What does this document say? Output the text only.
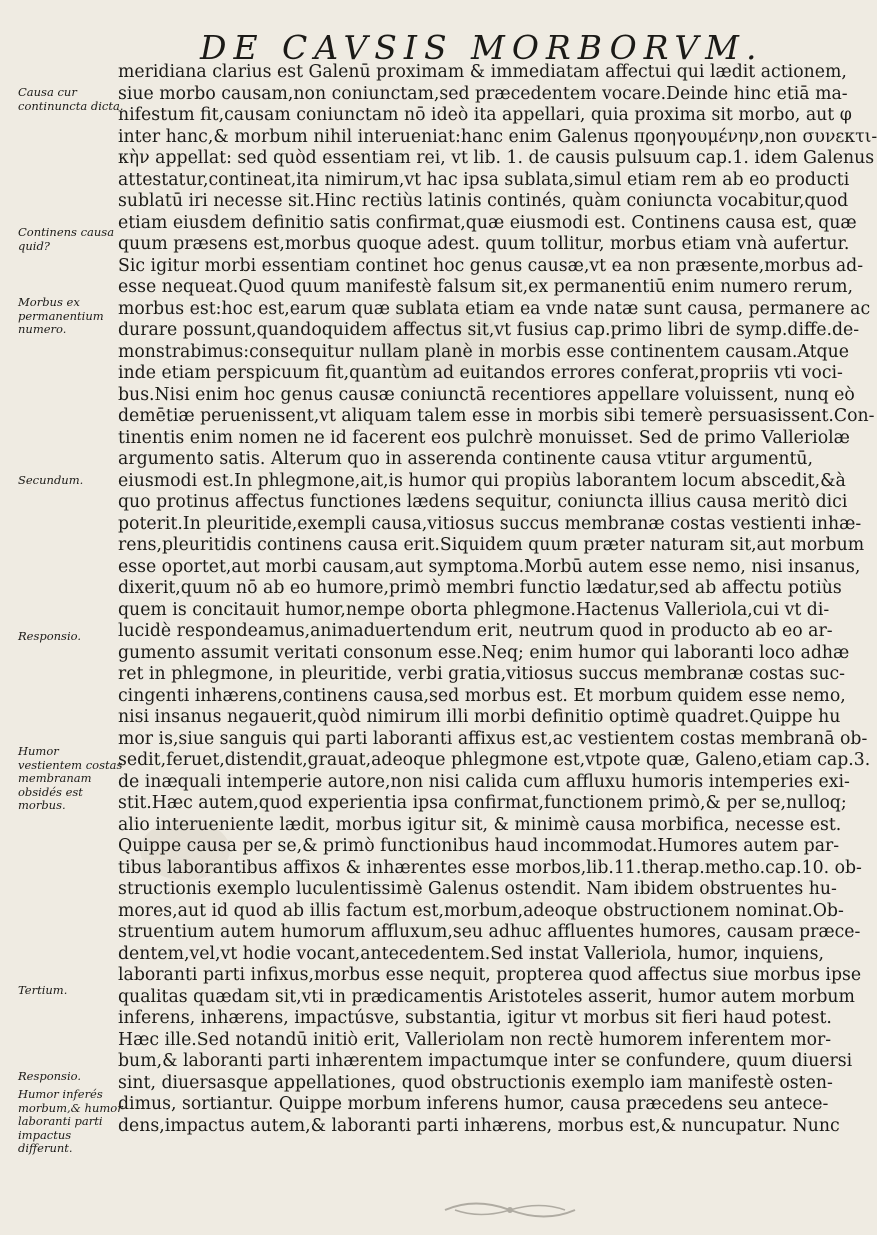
DE CAVSIS MORBORVM.
Causa cur continuncta dicta.
Continens causa quid?
Morbus ex permanentium numero.
Secundum.
Responsio.
Humor vestientem costas membranam obsidés est morbus.
Tertium.
Responsio.
Humor inferés morbum,& humor laboranti parti impactus differunt.
meridiana clarius est Galenū proximam & immediatam affectui qui lædit actionem,
siue morbo causam,non coniunctam,sed præcedentem vocare.Deinde hinc etiā ma-
nifestum fit,causam coniunctam nō ideò ita appellari, quia proxima sit morbo, aut φ
inter hanc,& morbum nihil interueniat:hanc enim Galenus πϱοηγουμένην,non συνεκτι-
κὴν appellat: sed quòd essentiam rei, vt lib. 1. de causis pulsuum cap.1. idem Galenus
attestatur,contineat,ita nimirum,vt hac ipsa sublata,simul etiam rem ab eo producti
sublatū iri necesse sit.Hinc rectiùs latinis continés, quàm coniuncta vocabitur,quod
etiam eiusdem definitio satis confirmat,quæ eiusmodi est. Continens causa est, quæ
quum præsens est,morbus quoque adest. quum tollitur, morbus etiam vnà aufertur.
Sic igitur morbi essentiam continet hoc genus causæ,vt ea non præsente,morbus ad-
esse nequeat.Quod quum manifestè falsum sit,ex permanentiū enim numero rerum,
morbus est:hoc est,earum quæ sublata etiam ea vnde natæ sunt causa, permanere ac
durare possunt,quandoquidem affectus sit,vt fusius cap.primo libri de symp.diffe.de-
monstrabimus:consequitur nullam planè in morbis esse continentem causam.Atque
inde etiam perspicuum fit,quantùm ad euitandos errores conferat,propriis vti voci-
bus.Nisi enim hoc genus causæ coniunctā recentiores appellare voluissent, nunq eò
demētiæ peruenissent,vt aliquam talem esse in morbis sibi temerè persuasissent.Con-
tinentis enim nomen ne id facerent eos pulchrè monuisset. Sed de primo Valleriolæ
argumento satis. Alterum quo in asserenda continente causa vtitur argumentū,
eiusmodi est.In phlegmone,ait,is humor qui propiùs laborantem locum abscedit,&à
quo protinus affectus functiones lædens sequitur, coniuncta illius causa meritò dici
poterit.In pleuritide,exempli causa,vitiosus succus membranæ costas vestienti inhæ-
rens,pleuritidis continens causa erit.Siquidem quum præter naturam sit,aut morbum
esse oportet,aut morbi causam,aut symptoma.Morbū autem esse nemo, nisi insanus,
dixerit,quum nō ab eo humore,primò membri functio lædatur,sed ab affectu potiùs
quem is concitauit humor,nempe oborta phlegmone.Hactenus Valleriola,cui vt di-
lucidè respondeamus,animaduertendum erit, neutrum quod in producto ab eo ar-
gumento assumit veritati consonum esse.Neq; enim humor qui laboranti loco adhæ
ret in phlegmone, in pleuritide, verbi gratia,vitiosus succus membranæ costas suc-
cingenti inhærens,continens causa,sed morbus est. Et morbum quidem esse nemo,
nisi insanus negauerit,quòd nimirum illi morbi definitio optimè quadret.Quippe hu
mor is,siue sanguis qui parti laboranti affixus est,ac vestientem costas membranā ob-
sedit,feruet,distendit,grauat,adeoque phlegmone est,vtpote quæ, Galeno,etiam cap.3.
de inæquali intemperie autore,non nisi calida cum affluxu humoris intemperies exi-
stit.Hæc autem,quod experientia ipsa confirmat,functionem primò,& per se,nulloq;
alio interueniente lædit, morbus igitur sit, & minimè causa morbifica, necesse est.
Quippe causa per se,& primò functionibus haud incommodat.Humores autem par-
tibus laborantibus affixos & inhærentes esse morbos,lib.11.therap.metho.cap.10. ob-
structionis exemplo luculentissimè Galenus ostendit. Nam ibidem obstruentes hu-
mores,aut id quod ab illis factum est,morbum,adeoque obstructionem nominat.Ob-
struentium autem humorum affluxum,seu adhuc affluentes humores, causam præce-
dentem,vel,vt hodie vocant,antecedentem.Sed instat Valleriola, humor, inquiens,
laboranti parti infixus,morbus esse nequit, propterea quod affectus siue morbus ipse
qualitas quædam sit,vti in prædicamentis Aristoteles asserit, humor autem morbum
inferens, inhærens, impactúsve, substantia, igitur vt morbus sit fieri haud potest.
Hæc ille.Sed notandū initiò erit, Valleriolam non rectè humorem inferentem mor-
bum,& laboranti parti inhærentem impactumque inter se confundere, quum diuersi
sint, diuersasque appellationes, quod obstructionis exemplo iam manifestè osten-
dimus, sortiantur. Quippe morbum inferens humor, causa præcedens seu antece-
dens,impactus autem,& laboranti parti inhærens, morbus est,& nuncupatur. Nunc
